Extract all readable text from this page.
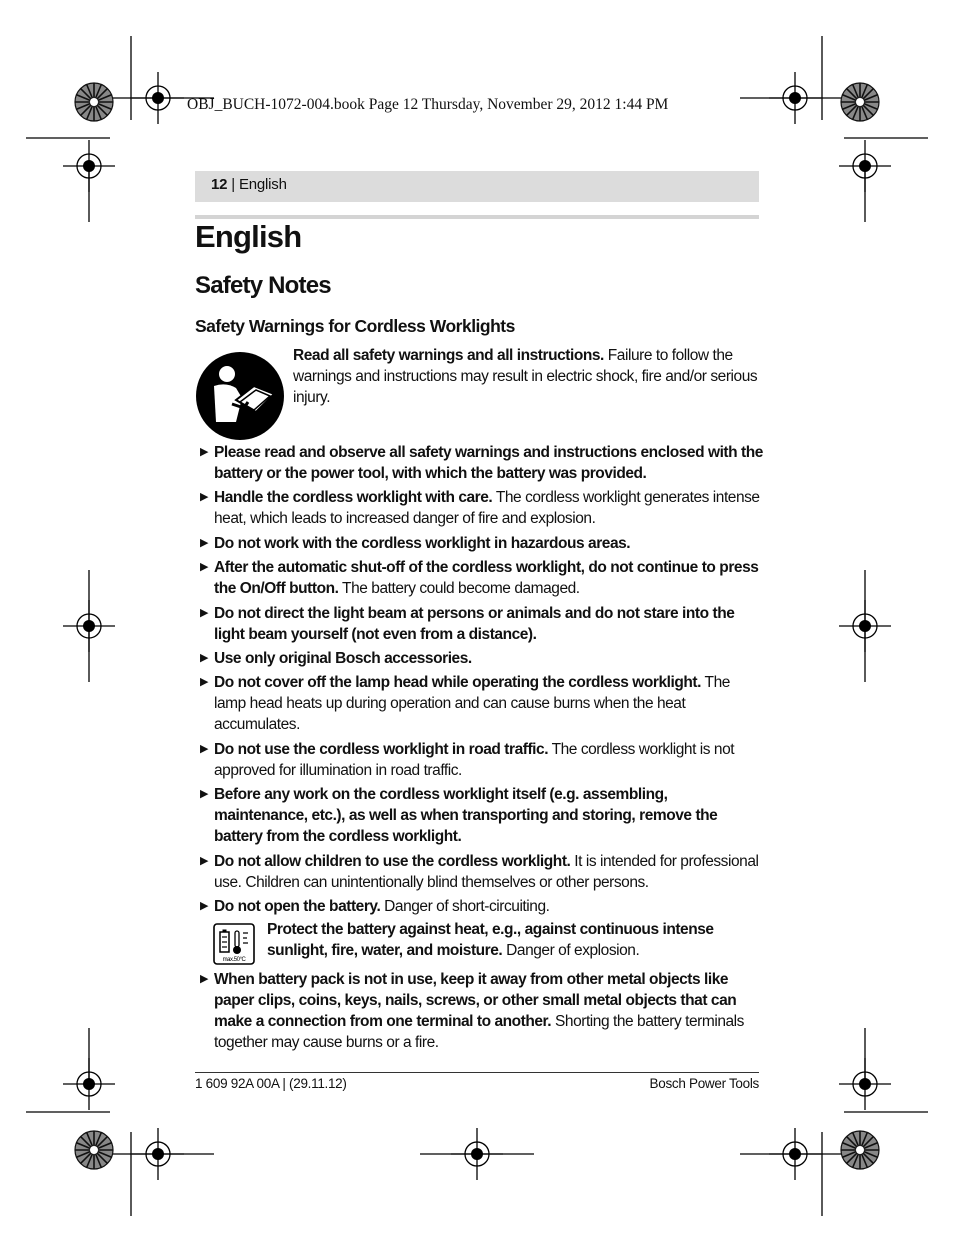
OBJ_BUCH-1072-004.book Page 12 Thursday, November 29, 2012 1:44 PM
12 | English
English
Safety Notes
Safety Warnings for Cordless Worklights
Read all safety warnings and all instructions. Failure to follow the warnings and instructions may result in electric shock, fire and/or serious injury.
▶ Please read and observe all safety warnings and instructions enclosed with the battery or the power tool, with which the battery was provided.
▶ Handle the cordless worklight with care. The cordless worklight generates intense heat, which leads to increased danger of fire and explosion.
▶ Do not work with the cordless worklight in hazardous areas.
▶ After the automatic shut-off of the cordless worklight, do not continue to press the On/Off button. The battery could become damaged.
▶ Do not direct the light beam at persons or animals and do not stare into the light beam yourself (not even from a distance).
▶ Use only original Bosch accessories.
▶ Do not cover off the lamp head while operating the cordless worklight. The lamp head heats up during operation and can cause burns when the heat accumulates.
▶ Do not use the cordless worklight in road traffic. The cordless worklight is not approved for illumination in road traffic.
▶ Before any work on the cordless worklight itself (e.g. assembling, maintenance, etc.), as well as when transporting and storing, remove the battery from the cordless worklight.
▶ Do not allow children to use the cordless worklight. It is intended for professional use. Children can unintentionally blind themselves or other persons.
▶ Do not open the battery. Danger of short-circuiting.
max.50°C
Protect the battery against heat, e.g., against continuous intense sunlight, fire, water, and moisture. Danger of explosion.
▶ When battery pack is not in use, keep it away from other metal objects like paper clips, coins, keys, nails, screws, or other small metal objects that can make a connection from one terminal to another. Shorting the battery terminals together may cause burns or a fire.
1 609 92A 00A | (29.11.12)	Bosch Power Tools
